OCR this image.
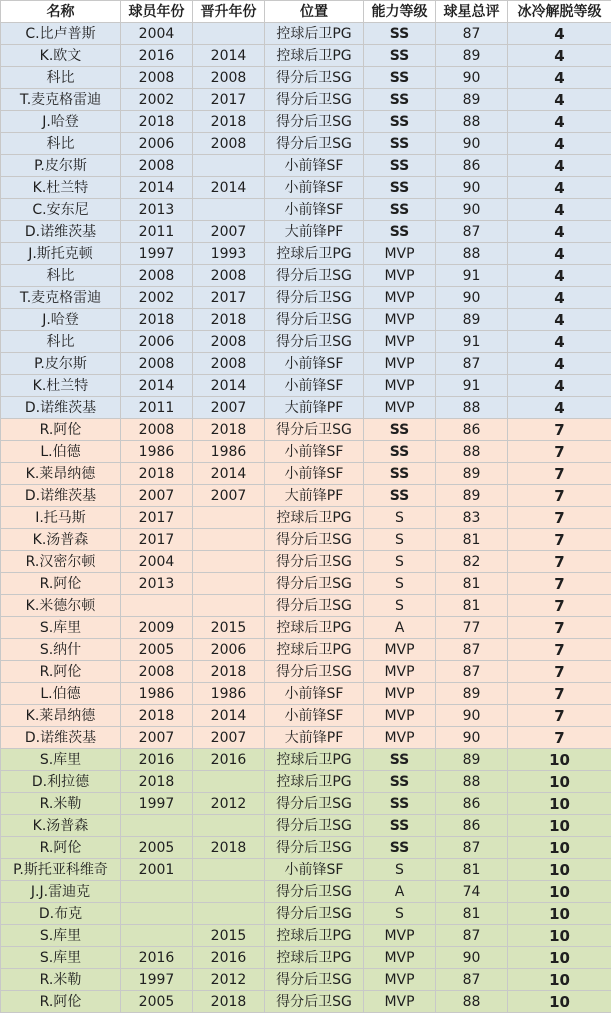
名称	球员年份	晋升年份	位置	能力等级	球星总评	冰冷解脱等级
C.比卢普斯	2004		控球后卫PG	SS	87	4
K.欧文	2016	2014	控球后卫PG	SS	89	4
科比	2008	2008	得分后卫SG	SS	90	4
T.麦克格雷迪	2002	2017	得分后卫SG	SS	89	4
J.哈登	2018	2018	得分后卫SG	SS	88	4
科比	2006	2008	得分后卫SG	SS	90	4
P.皮尔斯	2008		小前锋SF	SS	86	4
K.杜兰特	2014	2014	小前锋SF	SS	90	4
C.安东尼	2013		小前锋SF	SS	90	4
D.诺维茨基	2011	2007	大前锋PF	SS	87	4
J.斯托克顿	1997	1993	控球后卫PG	MVP	88	4
科比	2008	2008	得分后卫SG	MVP	91	4
T.麦克格雷迪	2002	2017	得分后卫SG	MVP	90	4
J.哈登	2018	2018	得分后卫SG	MVP	89	4
科比	2006	2008	得分后卫SG	MVP	91	4
P.皮尔斯	2008	2008	小前锋SF	MVP	87	4
K.杜兰特	2014	2014	小前锋SF	MVP	91	4
D.诺维茨基	2011	2007	大前锋PF	MVP	88	4
R.阿伦	2008	2018	得分后卫SG	SS	86	7
L.伯德	1986	1986	小前锋SF	SS	88	7
K.莱昂纳德	2018	2014	小前锋SF	SS	89	7
D.诺维茨基	2007	2007	大前锋PF	SS	89	7
I.托马斯	2017		控球后卫PG	S	83	7
K.汤普森	2017		得分后卫SG	S	81	7
R.汉密尔顿	2004		得分后卫SG	S	82	7
R.阿伦	2013		得分后卫SG	S	81	7
K.米德尔顿			得分后卫SG	S	81	7
S.库里	2009	2015	控球后卫PG	A	77	7
S.纳什	2005	2006	控球后卫PG	MVP	87	7
R.阿伦	2008	2018	得分后卫SG	MVP	87	7
L.伯德	1986	1986	小前锋SF	MVP	89	7
K.莱昂纳德	2018	2014	小前锋SF	MVP	90	7
D.诺维茨基	2007	2007	大前锋PF	MVP	90	7
S.库里	2016	2016	控球后卫PG	SS	89	10
D.利拉德	2018		控球后卫PG	SS	88	10
R.米勒	1997	2012	得分后卫SG	SS	86	10
K.汤普森			得分后卫SG	SS	86	10
R.阿伦	2005	2018	得分后卫SG	SS	87	10
P.斯托亚科维奇	2001		小前锋SF	S	81	10
J.J.雷迪克			得分后卫SG	A	74	10
D.布克			得分后卫SG	S	81	10
S.库里		2015	控球后卫PG	MVP	87	10
S.库里	2016	2016	控球后卫PG	MVP	90	10
R.米勒	1997	2012	得分后卫SG	MVP	87	10
R.阿伦	2005	2018	得分后卫SG	MVP	88	10
